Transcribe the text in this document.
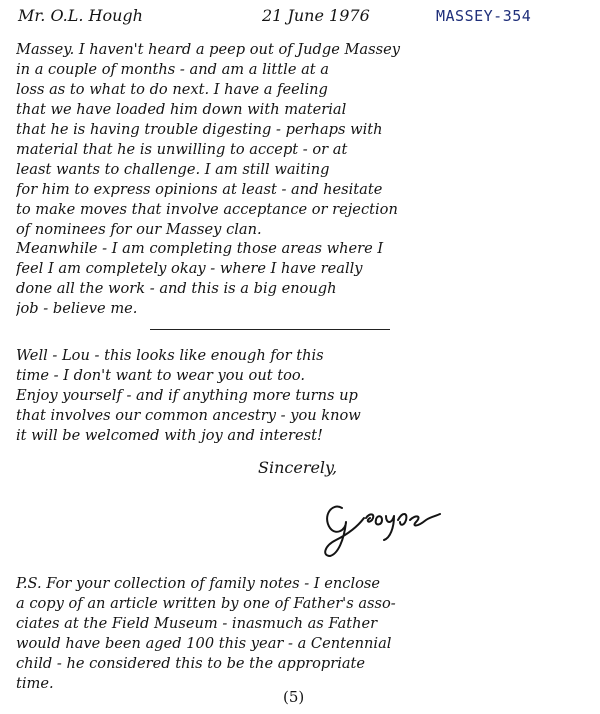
Mr. O.L. Hough	21 June 1976	MASSEY-354
Massey. I haven't heard a peep out of Judge Massey
in a couple of months - and am a little at a
loss as to what to do next. I have a feeling
that we have loaded him down with material
that he is having trouble digesting - perhaps with
material that he is unwilling to accept - or at
least wants to challenge. I am still waiting
for him to express opinions at least - and hesitate
to make moves that involve acceptance or rejection
of nominees for our Massey clan.
Meanwhile - I am completing those areas where I
feel I am completely okay - where I have really
done all the work - and this is a big enough
job - believe me.
Well - Lou - this looks like enough for this
time - I don't want to wear you out too.
Enjoy yourself - and if anything more turns up
that involves our common ancestry - you know
it will be welcomed with joy and interest!
Sincerely,
P.S. For your collection of family notes - I enclose
a copy of an article written by one of Father's asso-
ciates at the Field Museum - inasmuch as Father
would have been aged 100 this year - a Centennial
child - he considered this to be the appropriate
time.
(5)
